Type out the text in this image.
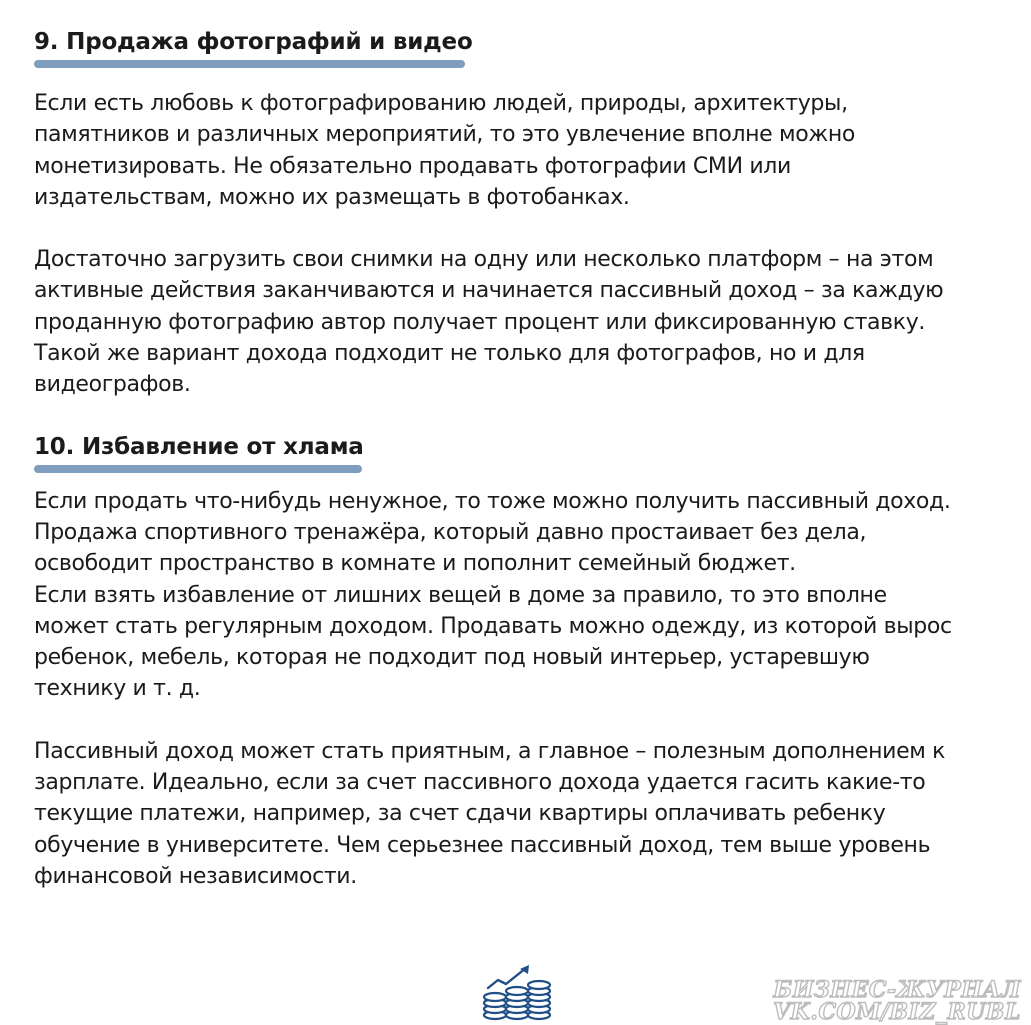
9. Продажа фотографий и видео

Если есть любовь к фотографированию людей, природы, архитектуры,
памятников и различных мероприятий, то это увлечение вполне можно
монетизировать. Не обязательно продавать фотографии СМИ или
издательствам, можно их размещать в фотобанках.

Достаточно загрузить свои снимки на одну или несколько платформ – на этом
активные действия заканчиваются и начинается пассивный доход – за каждую
проданную фотографию автор получает процент или фиксированную ставку.
Такой же вариант дохода подходит не только для фотографов, но и для
видеографов.

10. Избавление от хлама

Если продать что-нибудь ненужное, то тоже можно получить пассивный доход.
Продажа спортивного тренажёра, который давно простаивает без дела,
освободит пространство в комнате и пополнит семейный бюджет.
Если взять избавление от лишних вещей в доме за правило, то это вполне
может стать регулярным доходом. Продавать можно одежду, из которой вырос
ребенок, мебель, которая не подходит под новый интерьер, устаревшую
технику и т. д.

Пассивный доход может стать приятным, а главное – полезным дополнением к
зарплате. Идеально, если за счет пассивного дохода удается гасить какие-то
текущие платежи, например, за счет сдачи квартиры оплачивать ребенку
обучение в университете. Чем серьезнее пассивный доход, тем выше уровень
финансовой независимости.

БИЗНЕС-ЖУРНАЛ
VK.COM/BIZ_RUBL
